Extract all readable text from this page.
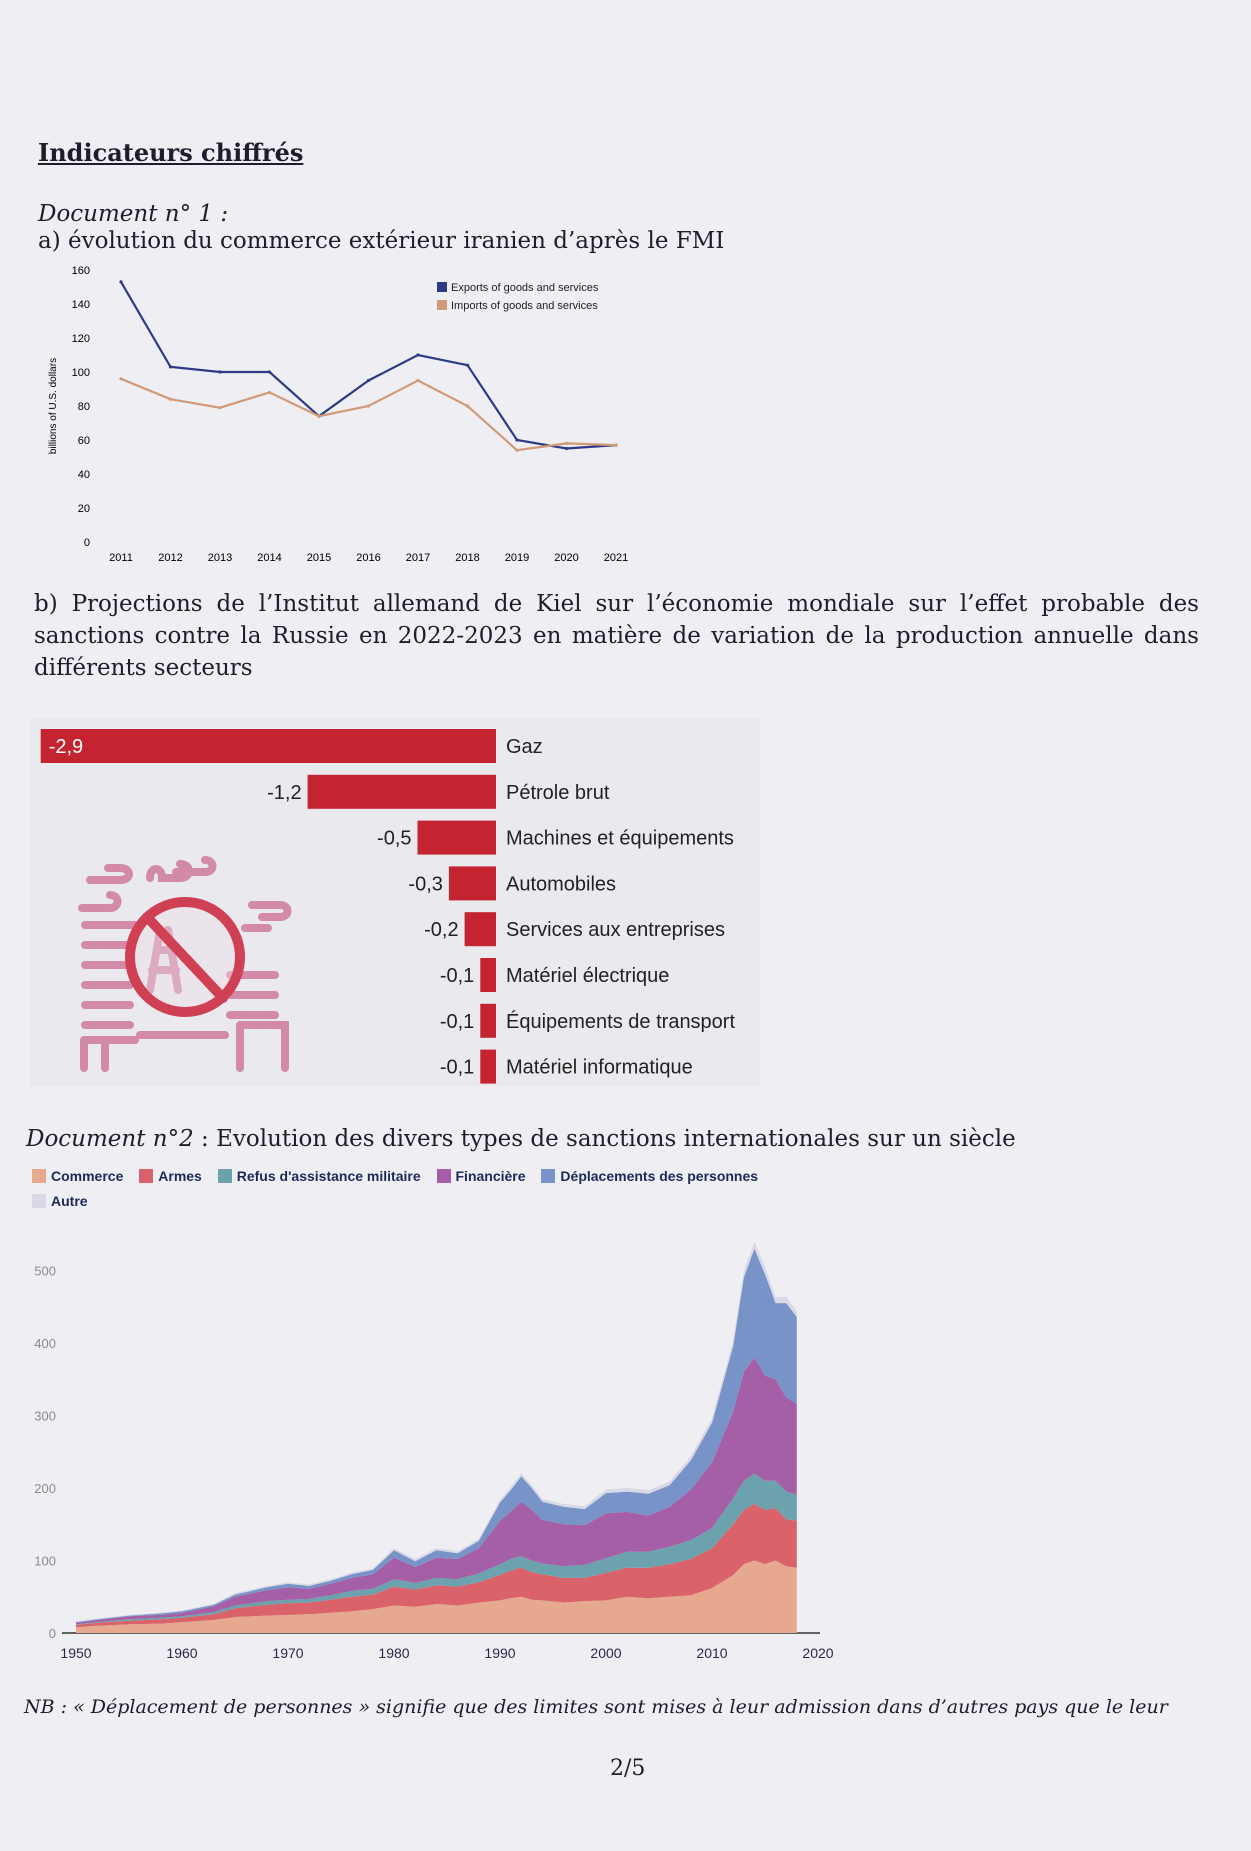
Indicateurs chiffrés
Document n° 1 :
a) évolution du commerce extérieur iranien d’après le FMI
0
20
40
60
80
100
120
140
160
2011 2012 2013 2014 2015 2016 2017 2018 2019 2020 2021
billions of U.S. dollars
Exports of goods and services
Imports of goods and services
b) Projections de l’Institut allemand de Kiel sur l’économie mondiale sur l’effet probable des sanctions contre la Russie en 2022-2023 en matière de variation de la production annuelle dans différents secteurs
-2,9	Gaz
-1,2	Pétrole brut
-0,5	Machines et équipements
-0,3	Automobiles
-0,2 Services aux entreprises
-0,1 Matériel électrique
-0,1 Équipements de transport
-0,1 Matériel informatique
Document n°2 : Evolution des divers types de sanctions internationales sur un siècle
Commerce Armes Refus d'assistance militaire Financière Déplacements des personnes Autre
0
100
200
300
400
500
1950	1960	1970	1980	1990	2000	2010	2020
NB : « Déplacement de personnes » signifie que des limites sont mises à leur admission dans d’autres pays que le leur
2/5
